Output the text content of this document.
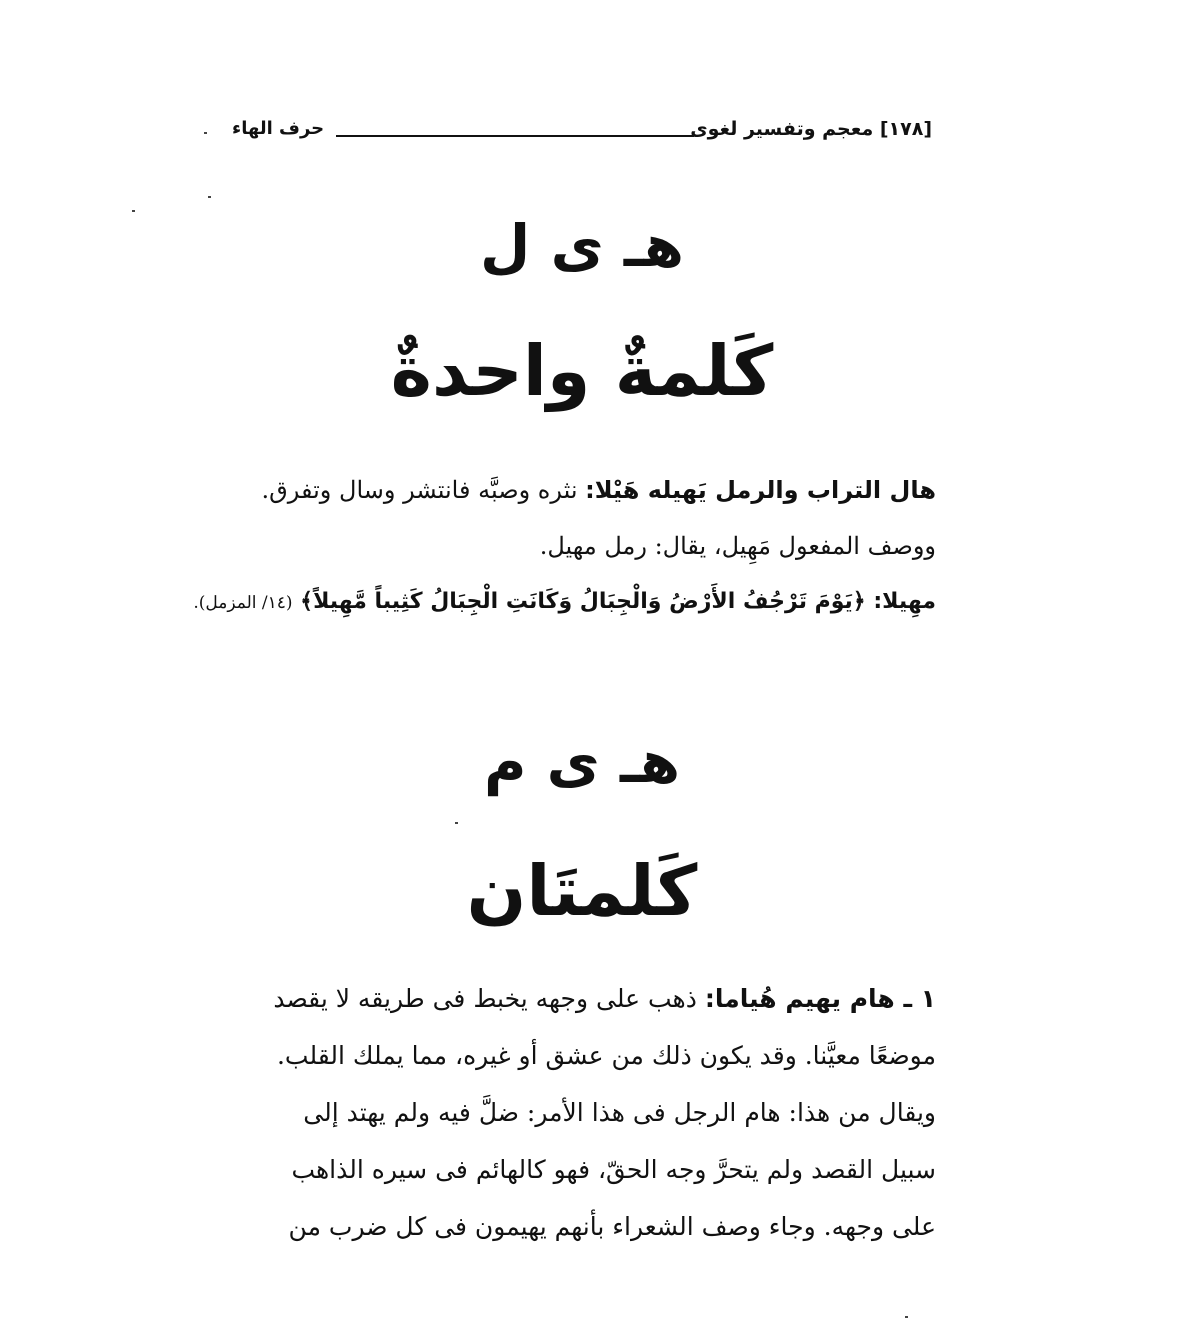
[١٧٨] معجم وتفسير لغوى
حرف الهاء
هـ ى ل
كَلمةٌ واحدةٌ
هال التراب والرمل يَهيله هَيْلا: نثره وصبَّه فانتشر وسال وتفرق.
ووصف المفعول مَهِيل، يقال: رمل مهيل.
مهِيلا: ﴿يَوْمَ تَرْجُفُ الأَرْضُ وَالْجِبَالُ وَكَانَتِ الْجِبَالُ كَثِيباً مَّهِيلاً﴾ (١٤/ المزمل).
هـ ى م
كَلمتَان
١ ـ هام يهيم هُياما: ذهب على وجهه يخبط فى طريقه لا يقصد
موضعًا معيَّنا. وقد يكون ذلك من عشق أو غيره، مما يملك القلب.
ويقال من هذا: هام الرجل فى هذا الأمر: ضلَّ فيه ولم يهتد إلى
سبيل القصد ولم يتحرَّ وجه الحقّ، فهو كالهائم فى سيره الذاهب
على وجهه. وجاء وصف الشعراء بأنهم يهيمون فى كل ضرب من
